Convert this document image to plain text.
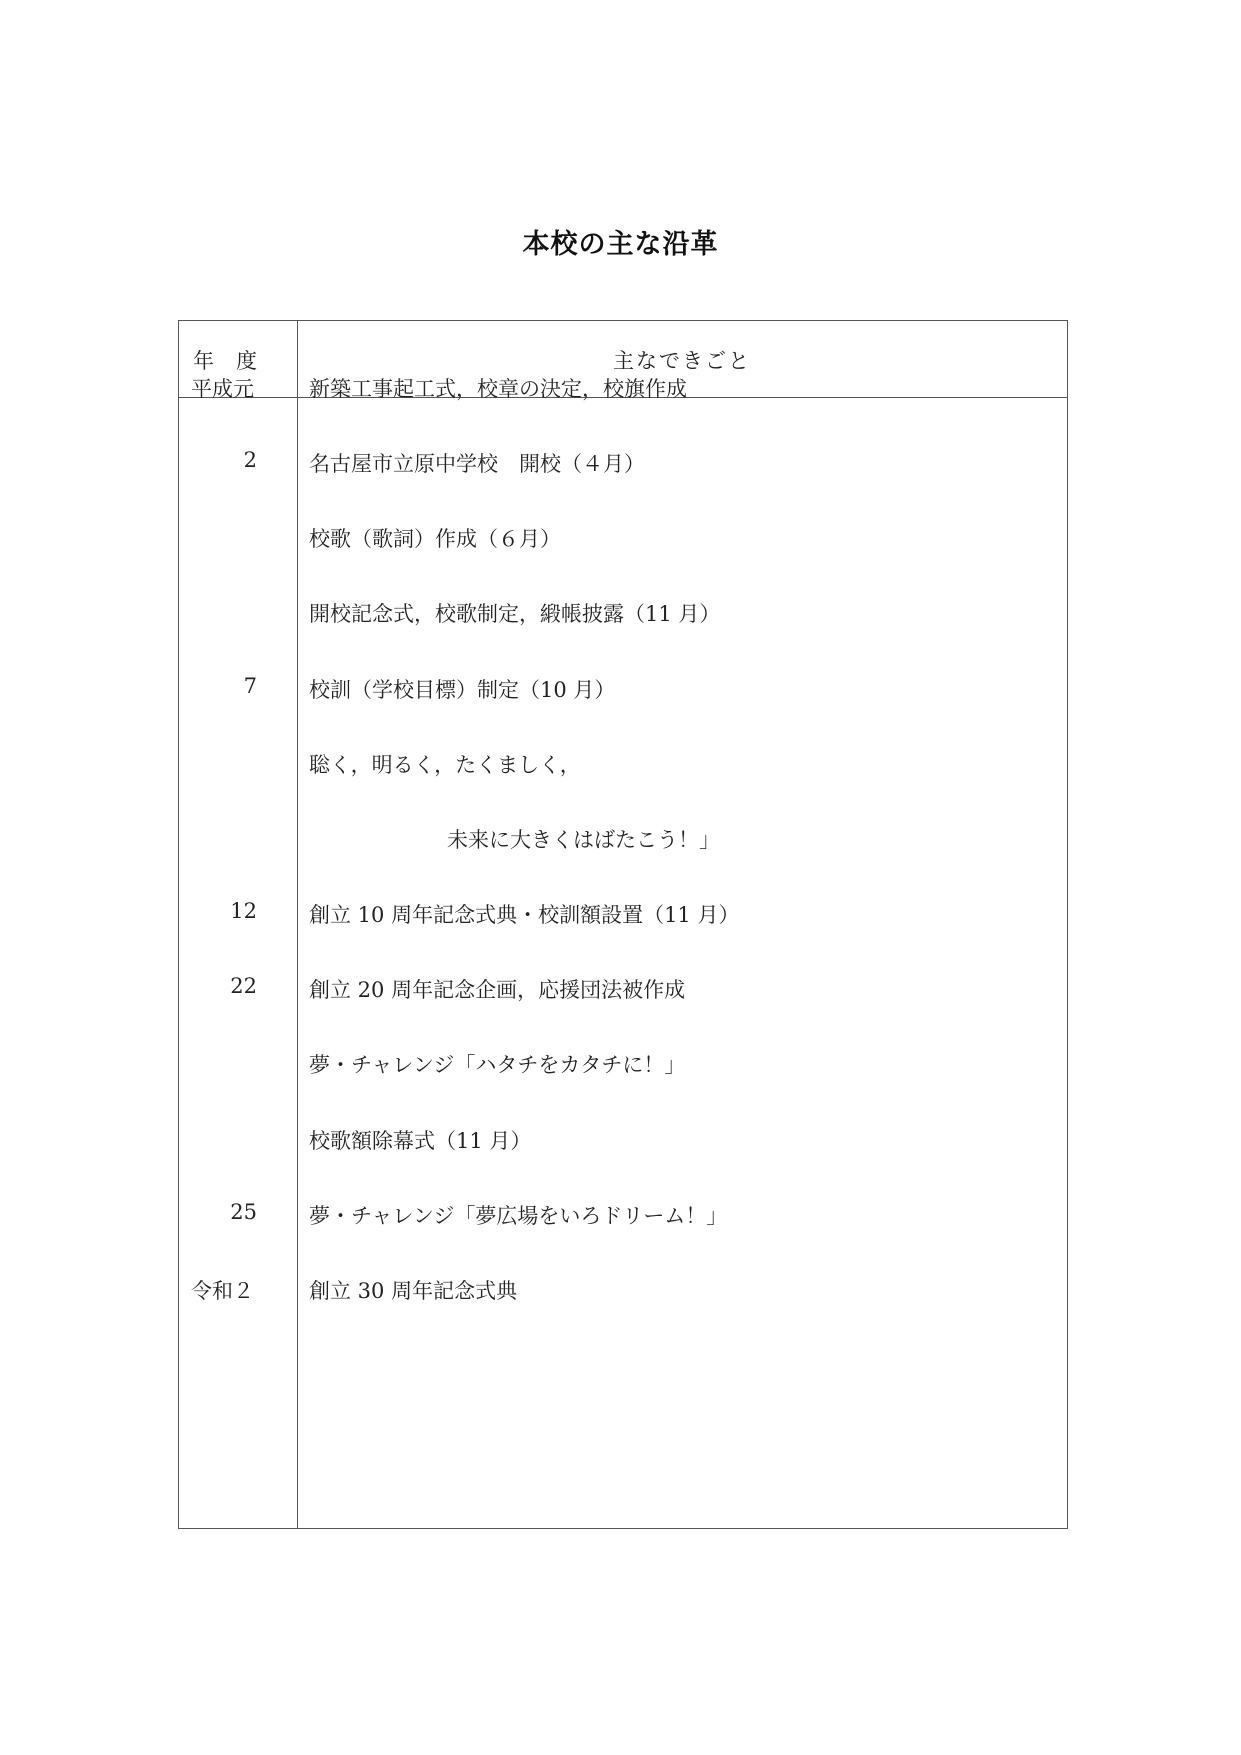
本校の主な沿革
年 度	主なできごと
平成元	新築工事起工式，校章の決定，校旗作成
2	名古屋市立原中学校　開校（４月）
校歌（歌詞）作成（６月）
開校記念式，校歌制定，緞帳披露（11 月）
7	校訓（学校目標）制定（10 月）
聡く，明るく，たくましく，
未来に大きくはばたこう！」
12	創立 10 周年記念式典・校訓額設置（11 月）
22	創立 20 周年記念企画，応援団法被作成
夢・チャレンジ「ハタチをカタチに！」
校歌額除幕式（11 月）
25	夢・チャレンジ「夢広場をいろドリーム！」
令和２	創立 30 周年記念式典
